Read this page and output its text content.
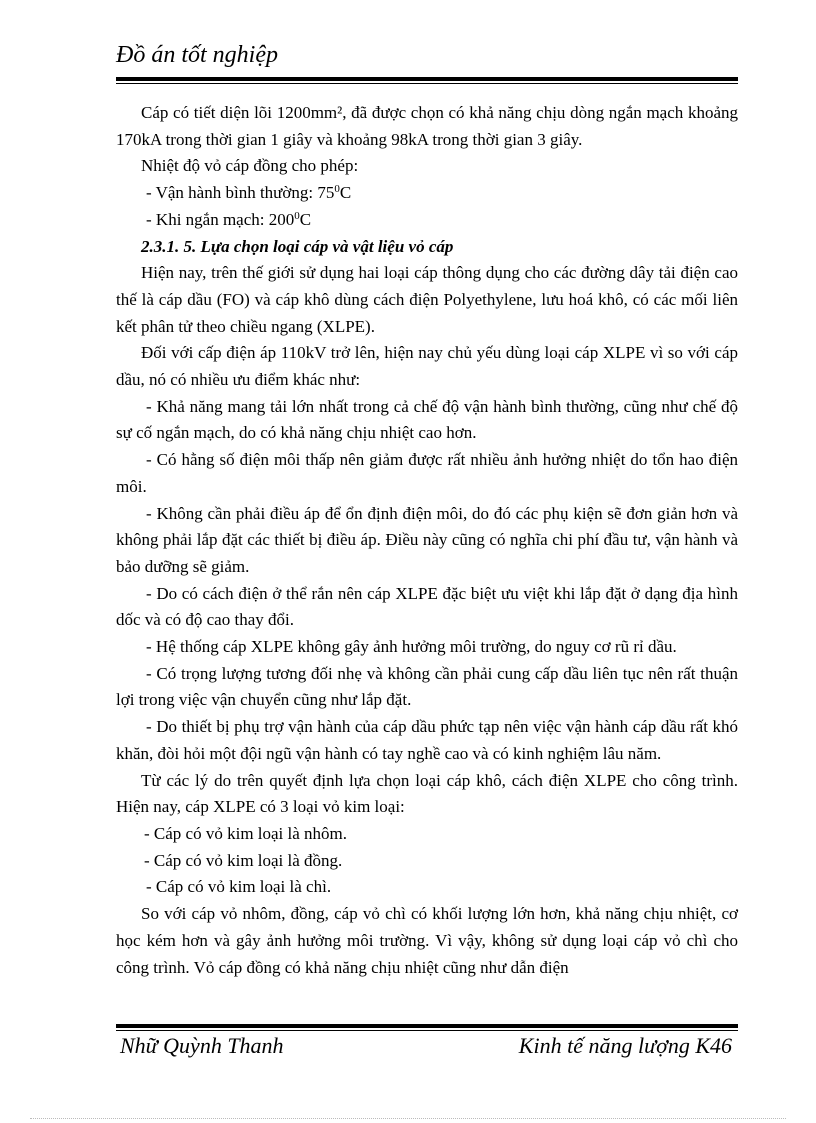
Đồ án tốt nghiệp

Cáp có tiết diện lõi 1200mm², đã được chọn có khả năng chịu dòng ngắn mạch khoảng 170kA trong thời gian 1 giây và khoảng 98kA trong thời gian 3 giây.

Nhiệt độ vỏ cáp đồng cho phép:

- Vận hành bình thường: $75^0C$

- Khi ngắn mạch: $200^0C$

2.3.1. 5. Lựa chọn loại cáp và vật liệu vỏ cáp

Hiện nay, trên thế giới sử dụng hai loại cáp thông dụng cho các đường dây tải điện cao thế là cáp dầu (FO) và cáp khô dùng cách điện Polyethylene, lưu hoá khô, có các mối liên kết phân tử theo chiều ngang (XLPE).

Đối với cấp điện áp 110kV trở lên, hiện nay chủ yếu dùng loại cáp XLPE vì so với cáp dầu, nó có nhiều ưu điểm khác như:

- Khả năng mang tải lớn nhất trong cả chế độ vận hành bình thường, cũng như chế độ sự cố ngắn mạch, do có khả năng chịu nhiệt cao hơn.

- Có hằng số điện môi thấp nên giảm được rất nhiều ảnh hưởng nhiệt do tổn hao điện môi.

- Không cần phải điều áp để ổn định điện môi, do đó các phụ kiện sẽ đơn giản hơn và không phải lắp đặt các thiết bị điều áp. Điều này cũng có nghĩa chi phí đầu tư, vận hành và bảo dưỡng sẽ giảm.

- Do có cách điện ở thể rắn nên cáp XLPE đặc biệt ưu việt khi lắp đặt ở dạng địa hình dốc và có độ cao thay đổi.

- Hệ thống cáp XLPE không gây ảnh hưởng môi trường, do nguy cơ rũ rỉ dầu.

- Có trọng lượng tương đối nhẹ và không cần phải cung cấp dầu liên tục nên rất thuận lợi trong việc vận chuyển cũng như lắp đặt.

- Do thiết bị phụ trợ vận hành của cáp dầu phức tạp nên việc vận hành cáp dầu rất khó khăn, đòi hỏi một đội ngũ vận hành có tay nghề cao và có kinh nghiệm lâu năm.

Từ các lý do trên quyết định lựa chọn loại cáp khô, cách điện XLPE cho công trình. Hiện nay, cáp XLPE có 3 loại vỏ kim loại:

- Cáp có vỏ kim loại là nhôm.

- Cáp có vỏ kim loại là đồng.

- Cáp có vỏ kim loại là chì.

So với cáp vỏ nhôm, đồng, cáp vỏ chì có khối lượng lớn hơn, khả năng chịu nhiệt, cơ học kém hơn và gây ảnh hưởng môi trường. Vì vậy, không sử dụng loại cáp vỏ chì cho công trình. Vỏ cáp đồng có khả năng chịu nhiệt cũng như dẫn điện

Nhữ Quỳnh Thanh	Kinh tế năng lượng K46
